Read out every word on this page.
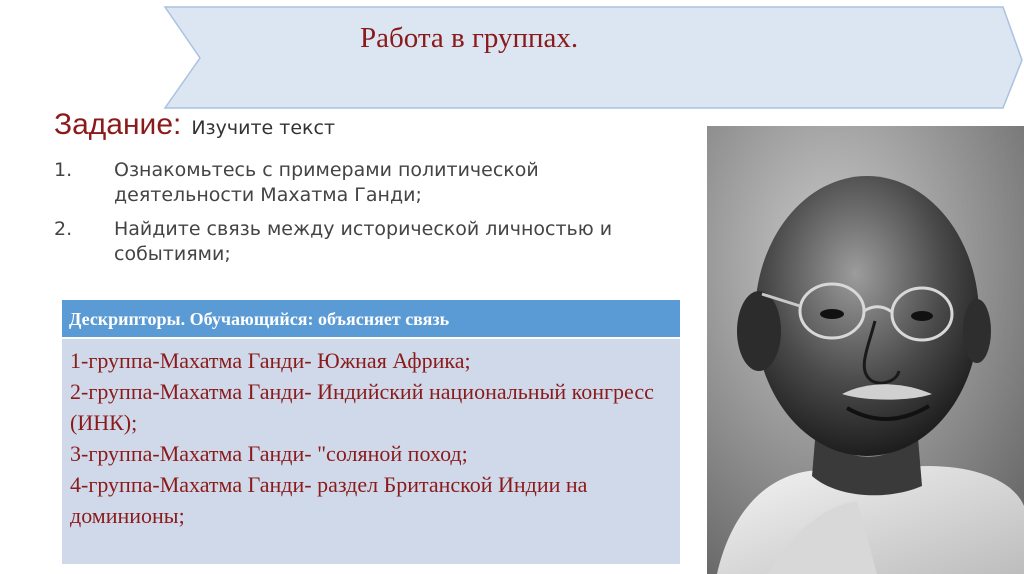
Работа в группах.
Задание: Изучите текст
1.	Ознакомьтесь с примерами политической деятельности Махатма Ганди;
2.	Найдите связь между исторической личностью и событиями;
Дескрипторы. Обучающийся: объясняет связь
1-группа-Махатма Ганди- Южная Африка;
2-группа-Махатма Ганди- Индийский национальный конгресс (ИНК);
3-группа-Махатма Ганди- "соляной поход;
4-группа-Махатма Ганди- раздел Британской Индии на доминионы;
